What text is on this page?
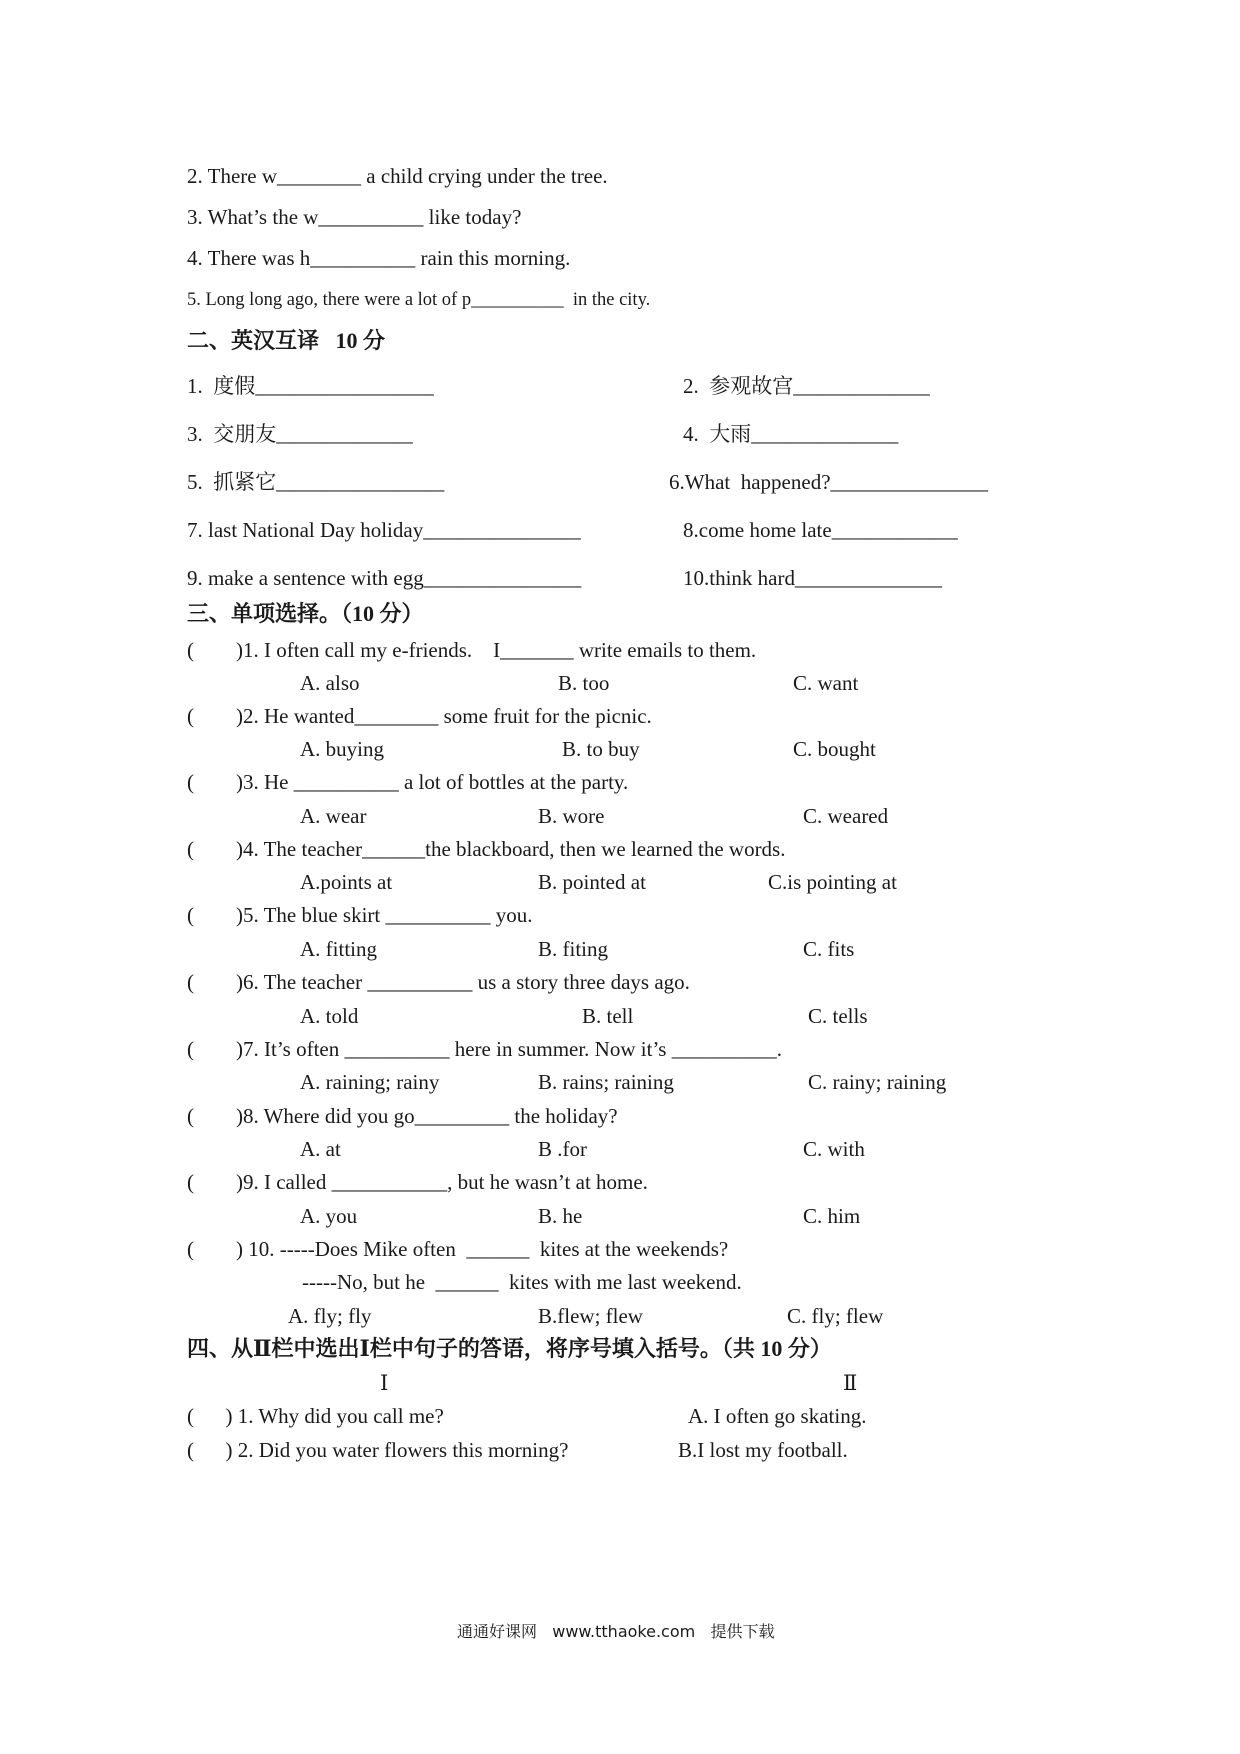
2. There w________ a child crying under the tree.
3. What’s the w__________ like today?
4. There was h__________ rain this morning.
5. Long long ago, there were a lot of p__________  in the city.
二、英汉互译   10 分
1.  度假_________________	2.  参观故宫_____________
3.  交朋友_____________	4.  大雨______________
5.  抓紧它________________	6.What  happened?_______________
7. last National Day holiday_______________	8.come home late____________
9. make a sentence with egg_______________	10.think hard______________
三、单项选择。（10 分）
(        )1. I often call my e-friends.    I_______ write emails to them.
A. also	B. too	C. want
(        )2. He wanted________ some fruit for the picnic.
A. buying	B. to buy	C. bought
(        )3. He __________ a lot of bottles at the party.
A. wear	B. wore	C. weared
(        )4. The teacher______the blackboard, then we learned the words.
A.points at	B. pointed at	C.is pointing at
(        )5. The blue skirt __________ you.
A. fitting	B. fiting	C. fits
(        )6. The teacher __________ us a story three days ago.
A. told	B. tell	C. tells
(        )7. It’s often __________ here in summer. Now it’s __________.
A. raining; rainy	B. rains; raining	C. rainy; raining
(        )8. Where did you go_________ the holiday?
A. at	B .for	C. with
(        )9. I called ___________, but he wasn’t at home.
A. you	B. he	C. him
(        ) 10. -----Does Mike often  ______  kites at the weekends?
-----No, but he  ______  kites with me last weekend.
A. fly; fly	B.flew; flew	C. fly; flew
四、从Ⅱ栏中选出Ⅰ栏中句子的答语，将序号填入括号。（共 10 分）
Ⅰ	Ⅱ
(      ) 1. Why did you call me?	A. I often go skating.
(      ) 2. Did you water flowers this morning?	B.I lost my football.
通通好课网   www.tthaoke.com   提供下载
